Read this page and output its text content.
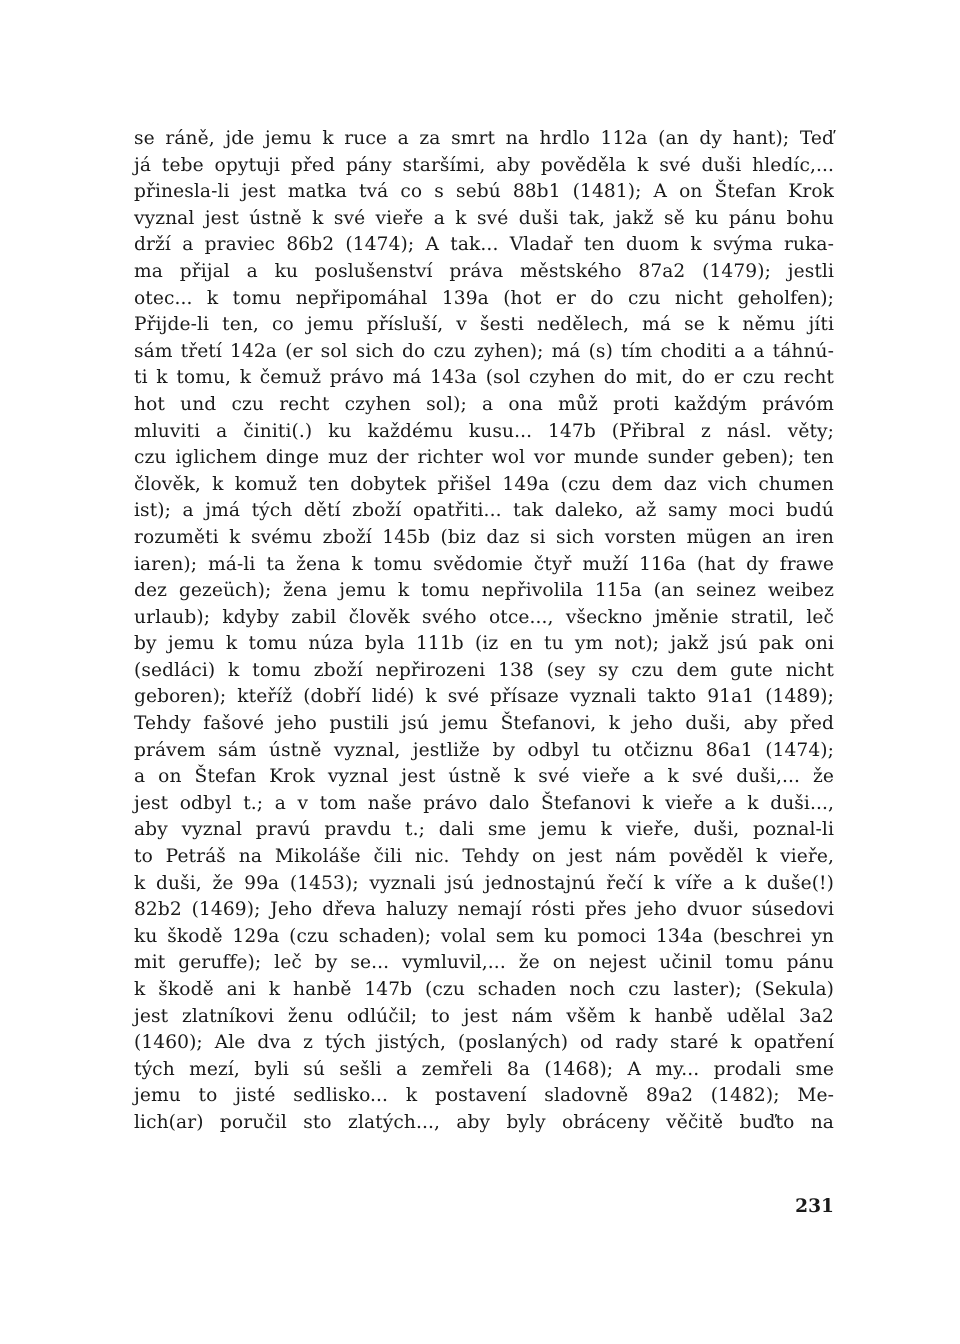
se ráně, jde jemu k ruce a za smrt na hrdlo 112a (an dy hant); Teď
já tebe opytuji před pány staršími, aby pověděla k své duši hledíc,...
přinesla-li jest matka tvá co s sebú 88b1 (1481); A on Štefan Krok
vyznal jest ústně k své vieře a k své duši tak, jakž sě ku pánu bohu
drží a praviec 86b2 (1474); A tak... Vladař ten duom k svýma ruka-
ma přijal a ku poslušenství práva městského 87a2 (1479); jestli
otec... k tomu nepřipomáhal 139a (hot er do czu nicht geholfen);
Přijde-li ten, co jemu přísluší, v šesti nedělech, má se k němu jíti
sám třetí 142a (er sol sich do czu zyhen); má (s) tím choditi a a táhnú-
ti k tomu, k čemuž právo má 143a (sol czyhen do mit, do er czu recht
hot und czu recht czyhen sol); a ona můž proti každým právóm
mluviti a činiti(.) ku každému kusu... 147b (Přibral z násl. věty;
czu iglichem dinge muz der richter wol vor munde sunder geben); ten
člověk, k komuž ten dobytek přišel 149a (czu dem daz vich chumen
ist); a jmá tých dětí zboží opatřiti... tak daleko, až samy moci budú
rozuměti k svému zboží 145b (biz daz si sich vorsten mügen an iren
iaren); má-li ta žena k tomu svědomie čtyř muží 116a (hat dy frawe
dez gezeüch); žena jemu k tomu nepřivolila 115a (an seinez weibez
urlaub); kdyby zabil člověk svého otce..., všeckno jměnie stratil, leč
by jemu k tomu núza byla 111b (iz en tu ym not); jakž jsú pak oni
(sedláci) k tomu zboží nepřirozeni 138 (sey sy czu dem gute nicht
geboren); kteříž (dobří lidé) k své přísaze vyznali takto 91a1 (1489);
Tehdy fašové jeho pustili jsú jemu Štefanovi, k jeho duši, aby před
právem sám ústně vyznal, jestliže by odbyl tu otčiznu 86a1 (1474);
a on Štefan Krok vyznal jest ústně k své vieře a k své duši,... že
jest odbyl t.; a v tom naše právo dalo Štefanovi k vieře a k duši...,
aby vyznal pravú pravdu t.; dali sme jemu k vieře, duši, poznal-li
to Petráš na Mikoláše čili nic. Tehdy on jest nám pověděl k vieře,
k duši, že 99a (1453); vyznali jsú jednostajnú řečí k víře a k duše(!)
82b2 (1469); Jeho dřeva haluzy nemají rósti přes jeho dvuor súsedovi
ku škodě 129a (czu schaden); volal sem ku pomoci 134a (beschrei yn
mit geruffe); leč by se... vymluvil,... že on nejest učinil tomu pánu
k škodě ani k hanbě 147b (czu schaden noch czu laster); (Sekula)
jest zlatníkovi ženu odlúčil; to jest nám všěm k hanbě udělal 3a2
(1460); Ale dva z tých jistých, (poslaných) od rady staré k opatření
tých mezí, byli sú sešli a zemřeli 8a (1468); A my... prodali sme
jemu to jisté sedlisko... k postavení sladovně 89a2 (1482); Me-
lich(ar) poručil sto zlatých..., aby byly obráceny věčitě buďto na
231
